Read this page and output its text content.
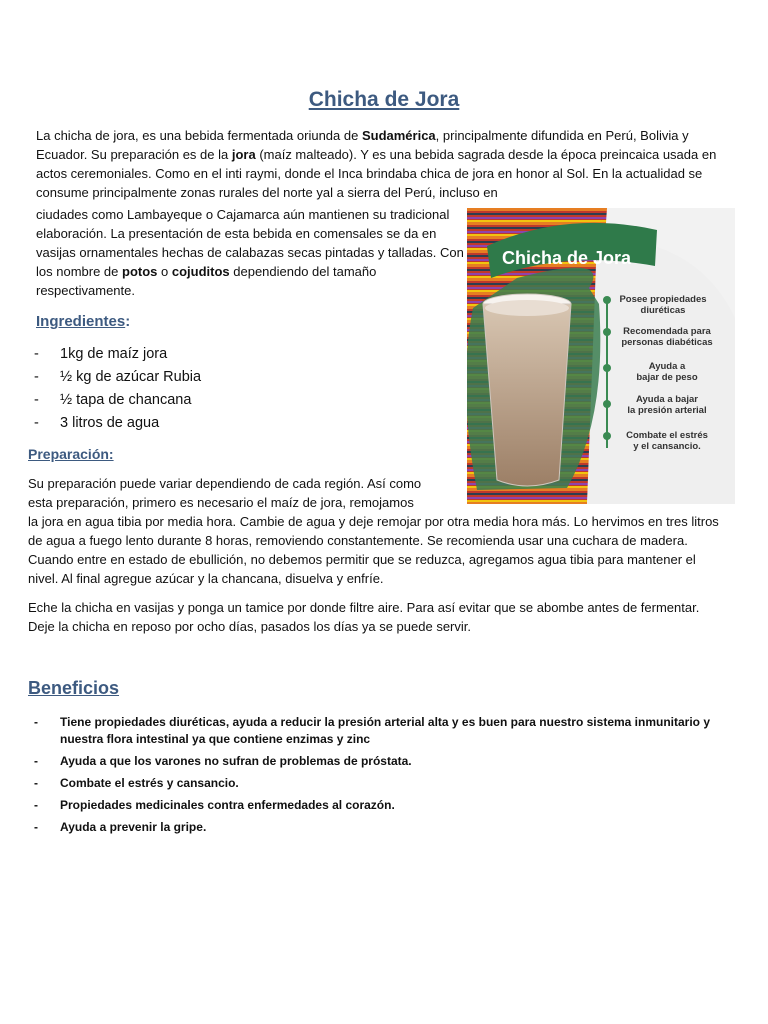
Chicha de Jora

La chicha de jora, es una bebida fermentada oriunda de Sudamérica, principalmente difundida en Perú, Bolivia y Ecuador. Su preparación es de la jora (maíz malteado). Y es una bebida sagrada desde la época preincaica usada en actos ceremoniales. Como en el inti raymi, donde el Inca brindaba chica de jora en honor al Sol. En la actualidad se consume principalmente zonas rurales del norte yal a sierra del Perú, incluso en

ciudades como Lambayeque o Cajamarca aún mantienen su tradicional elaboración. La presentación de esta bebida en comensales se da en vasijas ornamentales hechas de calabazas secas pintadas y talladas. Con los nombre de potos o cojuditos dependiendo del tamaño respectivamente.

Ingredientes:
- 1kg de maíz jora
- ½ kg de azúcar Rubia
- ½ tapa de chancana
- 3 litros de agua
Preparación:

Su preparación puede variar dependiendo de cada región. Así como esta preparación, primero es necesario el maíz de jora, remojamos

la jora en agua tibia por media hora. Cambie de agua y deje remojar por otra media hora más. Lo hervimos en tres litros de agua a fuego lento durante 8 horas, removiendo constantemente. Se recomienda usar una cuchara de madera. Cuando entre en estado de ebullición, no debemos permitir que se reduzca, agregamos agua tibia para mantener el nivel. Al final agregue azúcar y la chancana, disuelva y enfríe.

Eche la chicha en vasijas y ponga un tamice por donde filtre aire. Para así evitar que se abombe antes de fermentar. Deje la chicha en reposo por ocho días, pasados los días ya se puede servir.

Beneficios
- Tiene propiedades diuréticas, ayuda a reducir la presión arterial alta y es buen para nuestro sistema inmunitario y nuestra flora intestinal ya que contiene enzimas y zinc
- Ayuda a que los varones no sufran de problemas de próstata.
- Combate el estrés y cansancio.
- Propiedades medicinales contra enfermedades al corazón.
- Ayuda a prevenir la gripe.
Chicha de Jora
Posee propiedades
diuréticas
Recomendada para
personas diabéticas
Ayuda a
bajar de peso
Ayuda a bajar
la presión arterial
Combate el estrés
y el cansancio.
